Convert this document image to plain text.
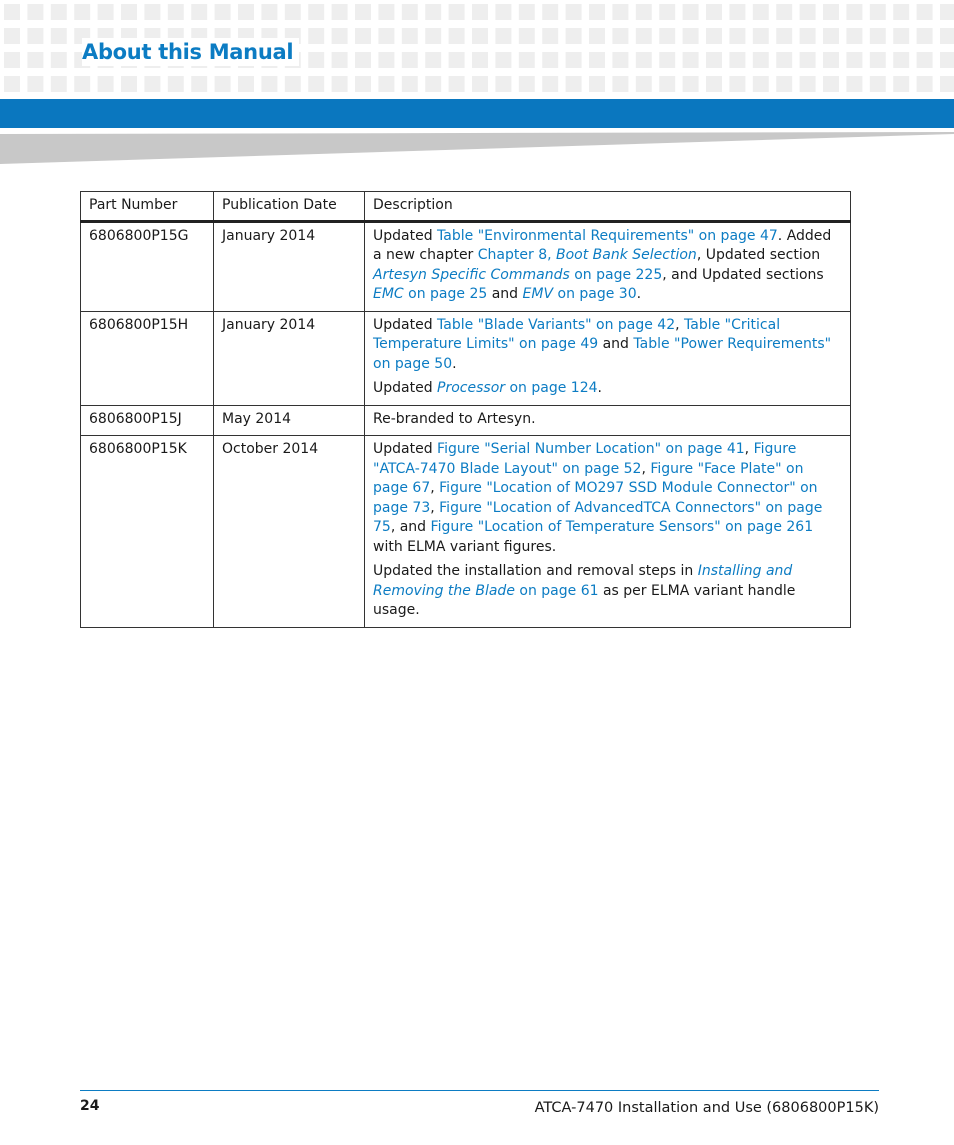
About this Manual
Part Number	Publication Date	Description
6806800P15G	January 2014	Updated Table "Environmental Requirements" on page 47. Added a new chapter Chapter 8, Boot Bank Selection, Updated section Artesyn Specific Commands on page 225, and Updated sections EMC on page 25 and EMV on page 30.

6806800P15H	January 2014	Updated Table "Blade Variants" on page 42, Table "Critical Temperature Limits" on page 49 and Table "Power Requirements" on page 50.

Updated Processor on page 124.

6806800P15J	May 2014	Re-branded to Artesyn.

6806800P15K	October 2014	Updated Figure "Serial Number Location" on page 41, Figure "ATCA-7470 Blade Layout" on page 52, Figure "Face Plate" on page 67, Figure "Location of MO297 SSD Module Connector" on page 73, Figure "Location of AdvancedTCA Connectors" on page 75, and Figure "Location of Temperature Sensors" on page 261 with ELMA variant figures.

Updated the installation and removal steps in Installing and Removing the Blade on page 61 as per ELMA variant handle usage.

24	ATCA-7470 Installation and Use (6806800P15K)
